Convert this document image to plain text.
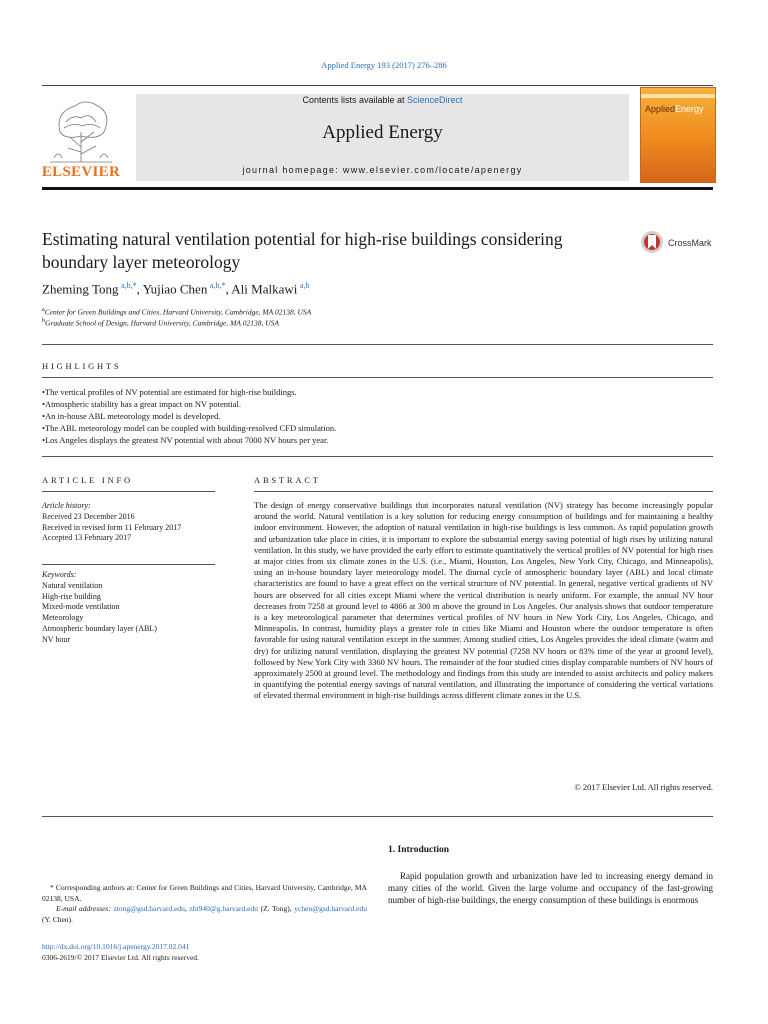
Applied Energy 193 (2017) 276–286
ELSEVIER
Contents lists available at ScienceDirect
Applied Energy
journal homepage: www.elsevier.com/locate/apenergy
AppliedEnergy
Estimating natural ventilation potential for high-rise buildings considering boundary layer meteorology
CrossMark
Zheming Tong  $^{a,b,*}$, Yujiao Chen  $^{a,b,*}$, Ali Malkawi  $^{a,b}$
$^a$Center for Green Buildings and Cities, Harvard University, Cambridge, MA 02138, USA
$^b$Graduate School of Design, Harvard University, Cambridge, MA 02138, USA
HIGHLIGHTS
• The vertical profiles of NV potential are estimated for high-rise buildings.
• Atmospheric stability has a great impact on NV potential.
• An in-house ABL meteorology model is developed.
• The ABL meteorology model can be coupled with building-resolved CFD simulation.
• Los Angeles displays the greatest NV potential with about 7000 NV hours per year.
ARTICLE INFO
Article history:
Received 23 December 2016
Received in revised form 11 February 2017
Accepted 13 February 2017
Keywords:
Natural ventilation
High-rise building
Mixed-mode ventilation
Meteorology
Atmospheric boundary layer (ABL)
NV hour
ABSTRACT
The design of energy conservative buildings that incorporates natural ventilation (NV) strategy has become increasingly popular around the world. Natural ventilation is a key solution for reducing energy consumption of buildings and for maintaining a healthy indoor environment. However, the adoption of natural ventilation in high-rise buildings is less common. As rapid population growth and urbanization take place in cities, it is important to explore the substantial energy saving potential of high rises by utilizing natural ventilation. In this study, we have provided the early effort to estimate quantitatively the vertical profiles of NV potential for high rises at major cities from six climate zones in the U.S. (i.e., Miami, Houston, Los Angeles, New York City, Chicago, and Minneapolis), using an in-house boundary layer meteorology model. The diurnal cycle of atmospheric boundary layer (ABL) and local climate characteristics are found to have a great effect on the vertical structure of NV potential. In general, negative vertical gradients of NV hours are observed for all cities except Miami where the vertical distribution is nearly uniform. For example, the annual NV hour decreases from 7258 at ground level to 4866 at 300 m above the ground in Los Angeles. Our analysis shows that outdoor temperature is a key meteorological parameter that determines vertical profiles of NV hours in New York City, Los Angeles, Chicago, and Minneapolis. In contrast, humidity plays a greater role in cities like Miami and Houston where the outdoor temperature is often favorable for using natural ventilation except in the summer. Among studied cities, Los Angeles provides the ideal climate (warm and dry) for utilizing natural ventilation, displaying the greatest NV potential (7258 NV hours or 83% time of the year at ground level), followed by New York City with 3360 NV hours. The remainder of the four studied cities display comparable numbers of NV hours of approximately 2500 at ground level. The methodology and findings from this study are intended to assist architects and policy makers in quantifying the potential energy savings of natural ventilation, and illustrating the importance of considering the vertical variations of elevated thermal environment in high-rise buildings across different climate zones in the U.S.
© 2017 Elsevier Ltd. All rights reserved.
1. Introduction
Rapid population growth and urbanization have led to increasing energy demand in many cities of the world. Given the large volume and occupancy of the fast-growing number of high-rise buildings, the energy consumption of these buildings is enormous
* Corresponding authors at: Center for Green Buildings and Cities, Harvard University, Cambridge, MA 02138, USA.
E-mail addresses: ztong@gsd.harvard.edu, zht940@g.harvard.edu (Z. Tong), ychen@gsd.harvard.edu (Y. Chen).
http://dx.doi.org/10.1016/j.apenergy.2017.02.041
0306-2619/© 2017 Elsevier Ltd. All rights reserved.
